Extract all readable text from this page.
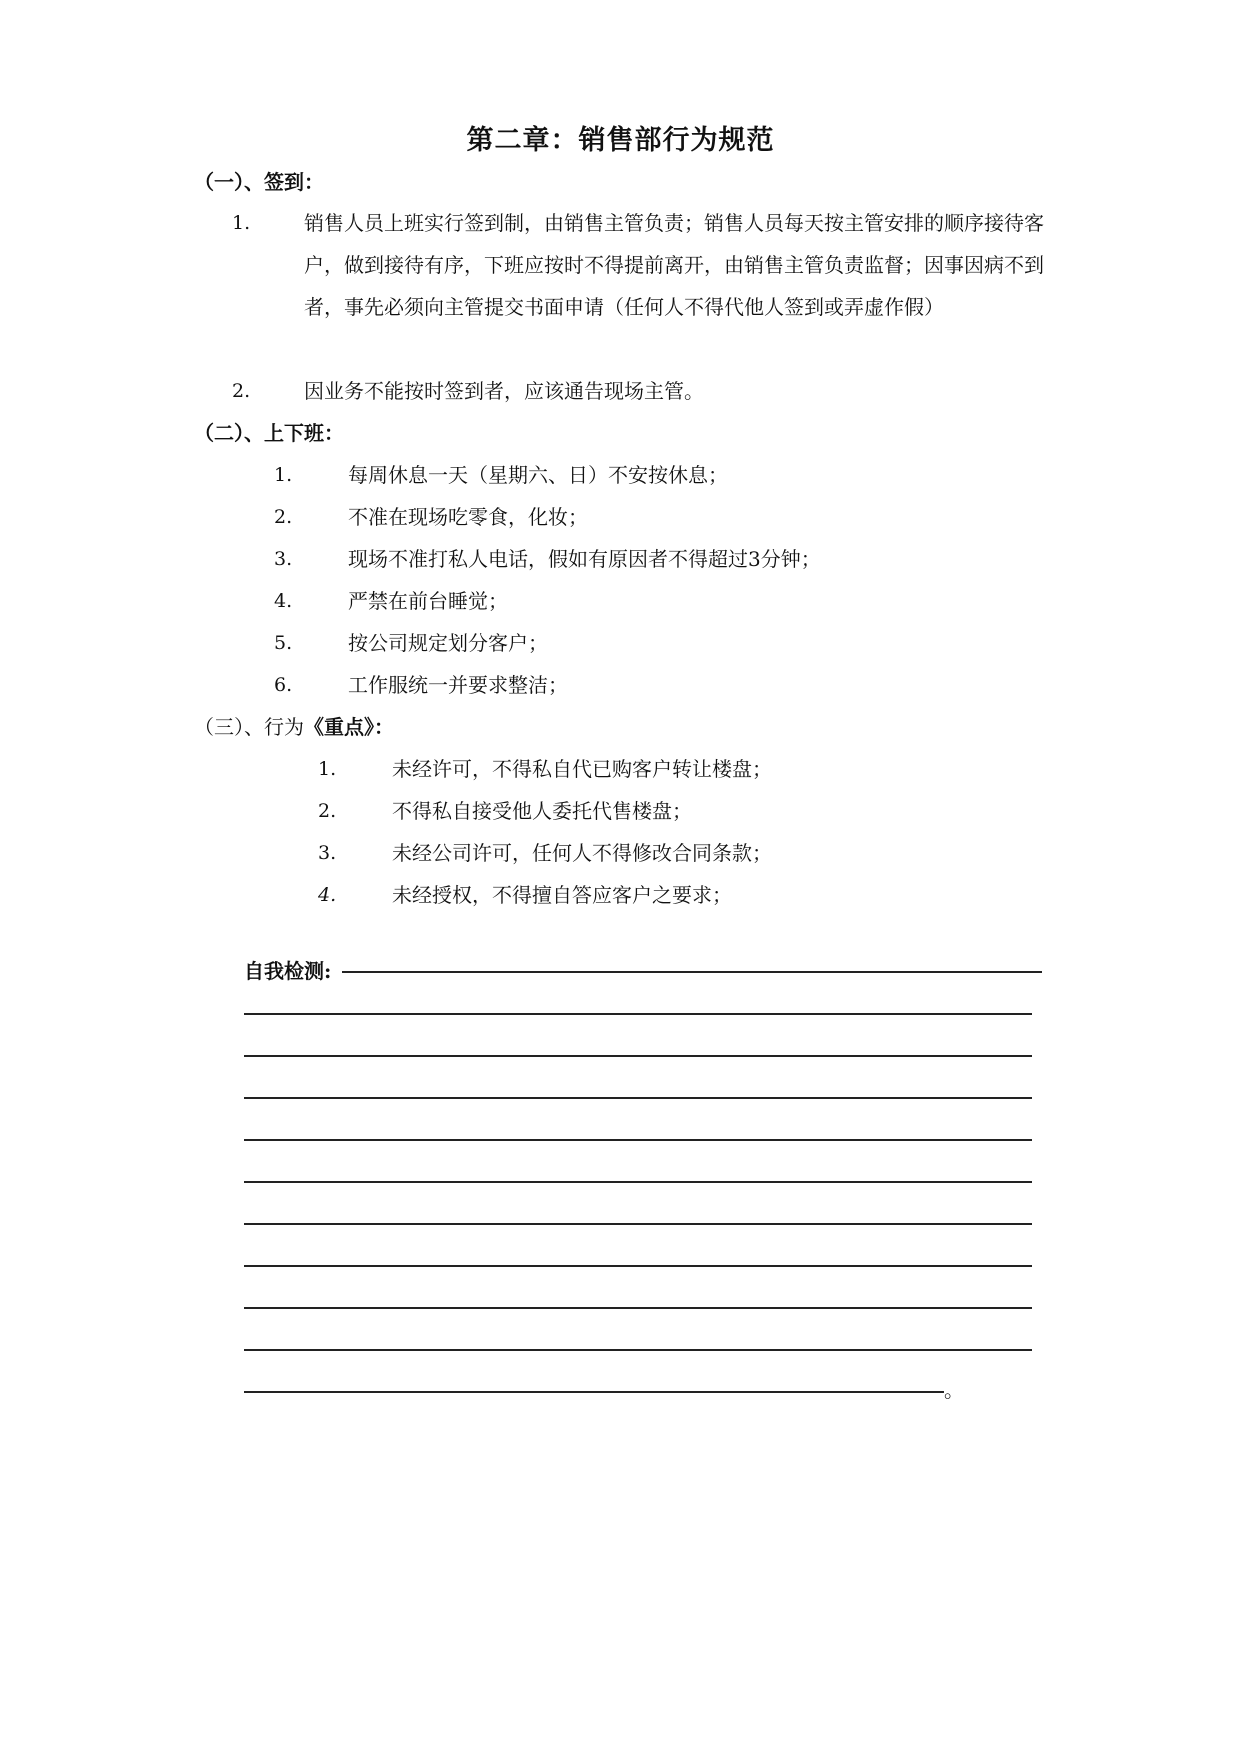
第二章：销售部行为规范
（一）、签到：
1.	销售人员上班实行签到制，由销售主管负责；销售人员每天按主管安排的顺序接待客户，做到接待有序，下班应按时不得提前离开，由销售主管负责监督；因事因病不到者，事先必须向主管提交书面申请（任何人不得代他人签到或弄虚作假）
2.	因业务不能按时签到者，应该通告现场主管。
（二）、上下班：
1.	每周休息一天（星期六、日）不安按休息；
2.	不准在现场吃零食，化妆；
3.	现场不准打私人电话，假如有原因者不得超过3分钟；
4.	严禁在前台睡觉；
5.	按公司规定划分客户；
6.	工作服统一并要求整洁；
（三）、行为《重点》：
1.	未经许可，不得私自代已购客户转让楼盘；
2.	不得私自接受他人委托代售楼盘；
3.	未经公司许可，任何人不得修改合同条款；
4.	未经授权，不得擅自答应客户之要求；
自我检测:
。
